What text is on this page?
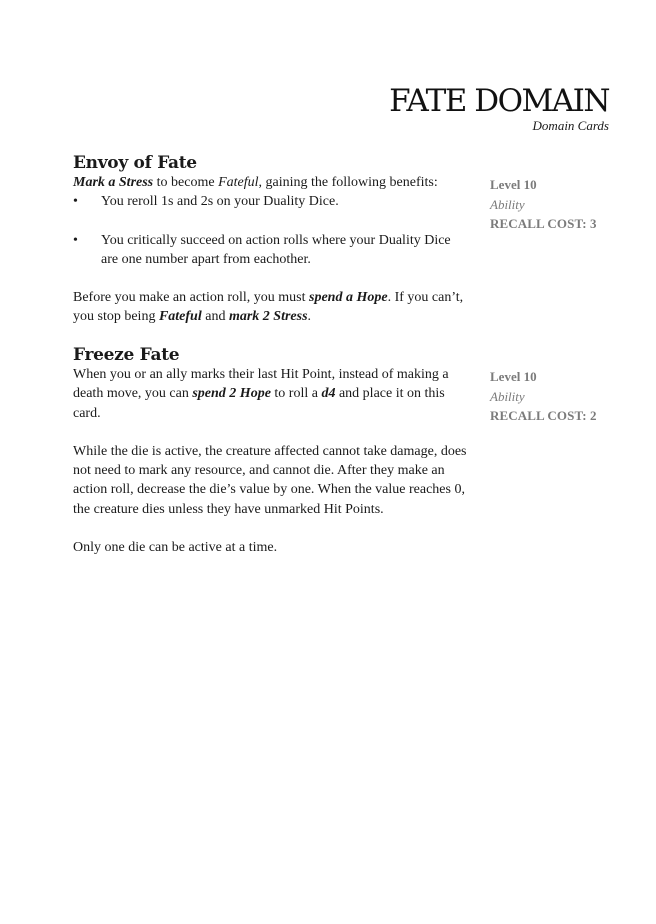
FATE DOMAIN
Domain Cards
Envoy of Fate

Mark a Stress to become Fateful, gaining the following benefits:

• You reroll 1s and 2s on your Duality Dice.
• You critically succeed on action rolls where your Duality Dice are one number apart from eachother.

Before you make an action roll, you must spend a Hope. If you can’t, you stop being Fateful and mark 2 Stress.

Level 10
Ability
RECALL COST: 3
Freeze Fate

When you or an ally marks their last Hit Point, instead of making a death move, you can spend 2 Hope to roll a d4 and place it on this card.

While the die is active, the creature affected cannot take damage, does not need to mark any resource, and cannot die. After they make an action roll, decrease the die’s value by one. When the value reaches 0, the creature dies unless they have unmarked Hit Points.

Only one die can be active at a time.

Level 10
Ability
RECALL COST: 2
